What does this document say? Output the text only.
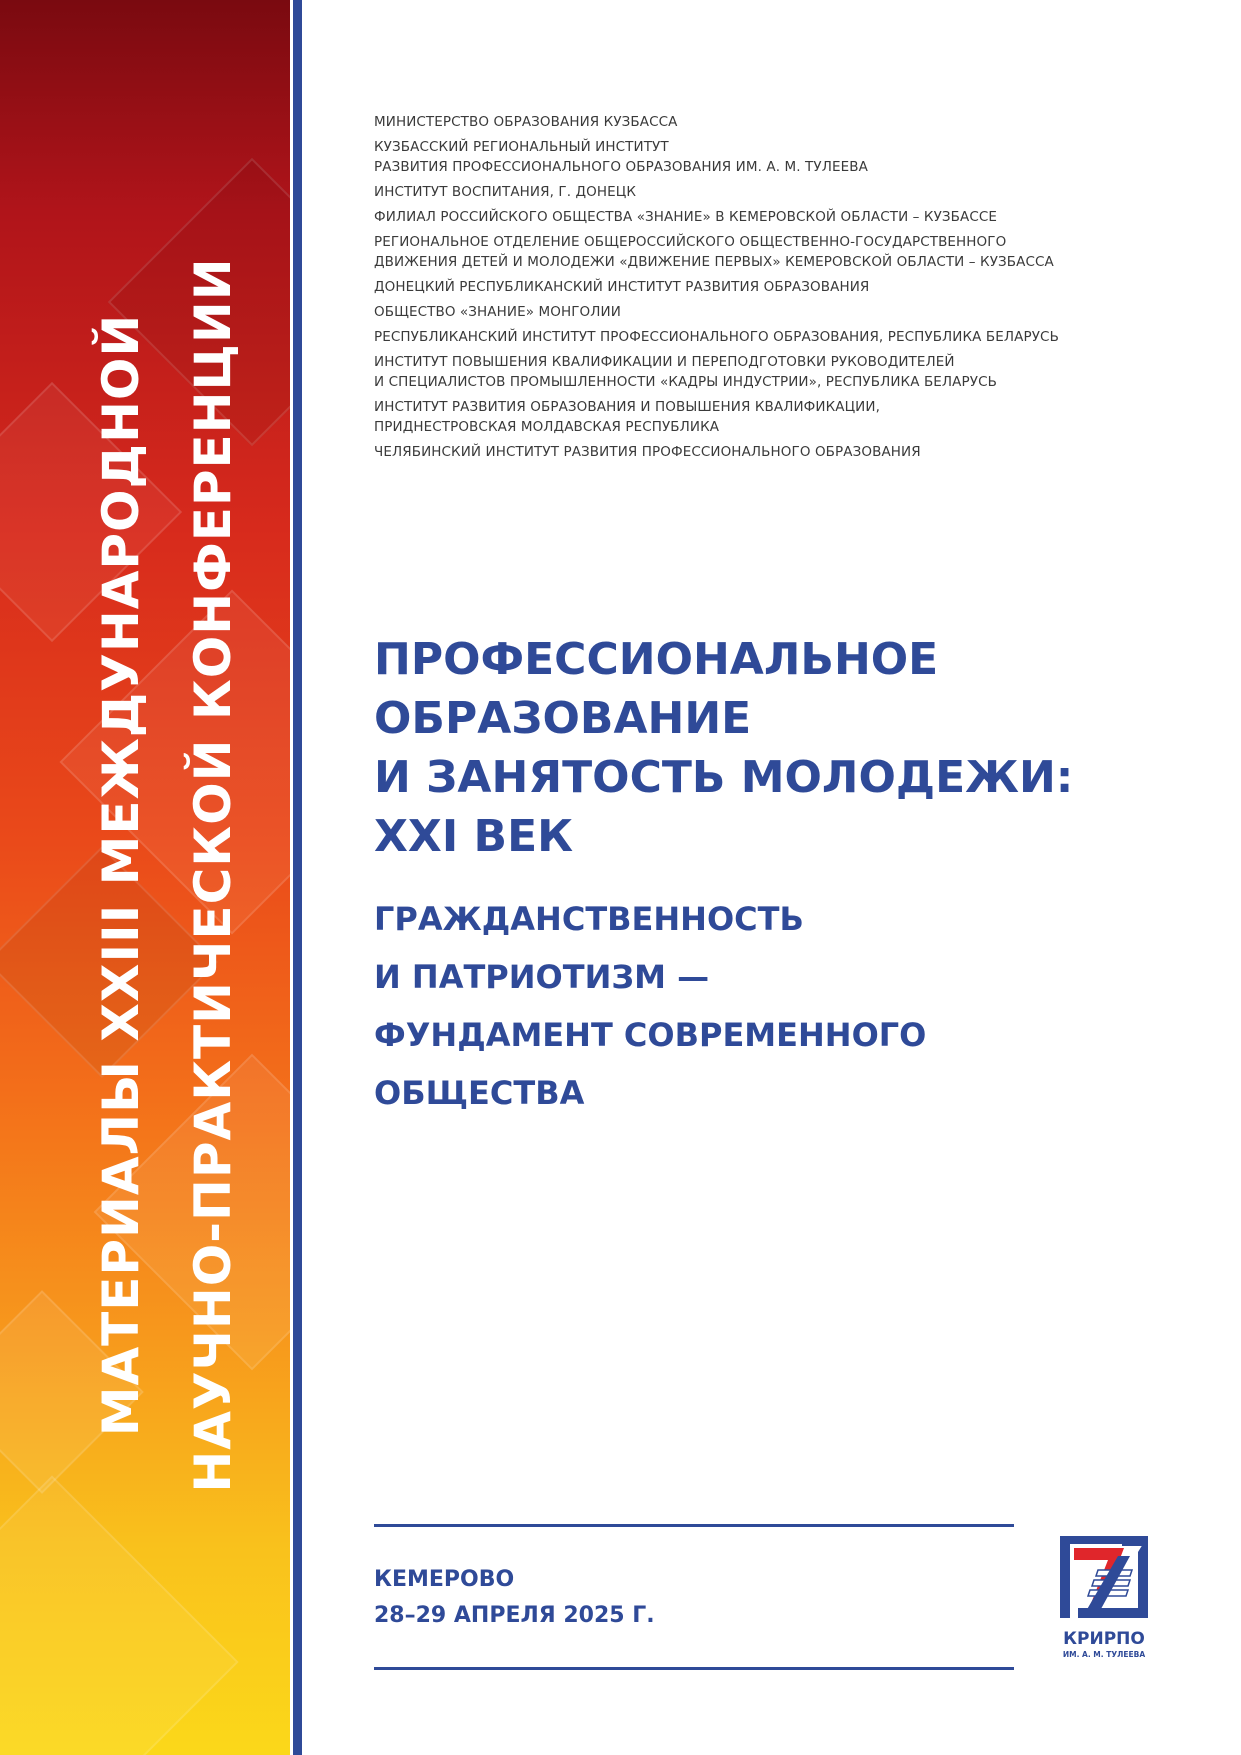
МАТЕРИАЛЫ XXIII МЕЖДУНАРОДНОЙ НАУЧНО-ПРАКТИЧЕСКОЙ КОНФЕРЕНЦИИ
МИНИСТЕРСТВО ОБРАЗОВАНИЯ КУЗБАССА
КУЗБАССКИЙ РЕГИОНАЛЬНЫЙ ИНСТИТУТ
РАЗВИТИЯ ПРОФЕССИОНАЛЬНОГО ОБРАЗОВАНИЯ ИМ. А. М. ТУЛЕЕВА
ИНСТИТУТ ВОСПИТАНИЯ, Г. ДОНЕЦК
ФИЛИАЛ РОССИЙСКОГО ОБЩЕСТВА «ЗНАНИЕ» В КЕМЕРОВСКОЙ ОБЛАСТИ – КУЗБАССЕ
РЕГИОНАЛЬНОЕ ОТДЕЛЕНИЕ ОБЩЕРОССИЙСКОГО ОБЩЕСТВЕННО-ГОСУДАРСТВЕННОГО
ДВИЖЕНИЯ ДЕТЕЙ И МОЛОДЕЖИ «ДВИЖЕНИЕ ПЕРВЫХ» КЕМЕРОВСКОЙ ОБЛАСТИ – КУЗБАССА
ДОНЕЦКИЙ РЕСПУБЛИКАНСКИЙ ИНСТИТУТ РАЗВИТИЯ ОБРАЗОВАНИЯ
ОБЩЕСТВО «ЗНАНИЕ» МОНГОЛИИ
РЕСПУБЛИКАНСКИЙ ИНСТИТУТ ПРОФЕССИОНАЛЬНОГО ОБРАЗОВАНИЯ, РЕСПУБЛИКА БЕЛАРУСЬ
ИНСТИТУТ ПОВЫШЕНИЯ КВАЛИФИКАЦИИ И ПЕРЕПОДГОТОВКИ РУКОВОДИТЕЛЕЙ
И СПЕЦИАЛИСТОВ ПРОМЫШЛЕННОСТИ «КАДРЫ ИНДУСТРИИ», РЕСПУБЛИКА БЕЛАРУСЬ
ИНСТИТУТ РАЗВИТИЯ ОБРАЗОВАНИЯ И ПОВЫШЕНИЯ КВАЛИФИКАЦИИ,
ПРИДНЕСТРОВСКАЯ МОЛДАВСКАЯ РЕСПУБЛИКА
ЧЕЛЯБИНСКИЙ ИНСТИТУТ РАЗВИТИЯ ПРОФЕССИОНАЛЬНОГО ОБРАЗОВАНИЯ
ПРОФЕССИОНАЛЬНОЕ
ОБРАЗОВАНИЕ
И ЗАНЯТОСТЬ МОЛОДЕЖИ:
XXI ВЕК
ГРАЖДАНСТВЕННОСТЬ
И ПАТРИОТИЗМ —
ФУНДАМЕНТ СОВРЕМЕННОГО
ОБЩЕСТВА
КЕМЕРОВО
28–29 АПРЕЛЯ 2025 Г.
КРИРПО
ИМ. А. М. ТУЛЕЕВА
